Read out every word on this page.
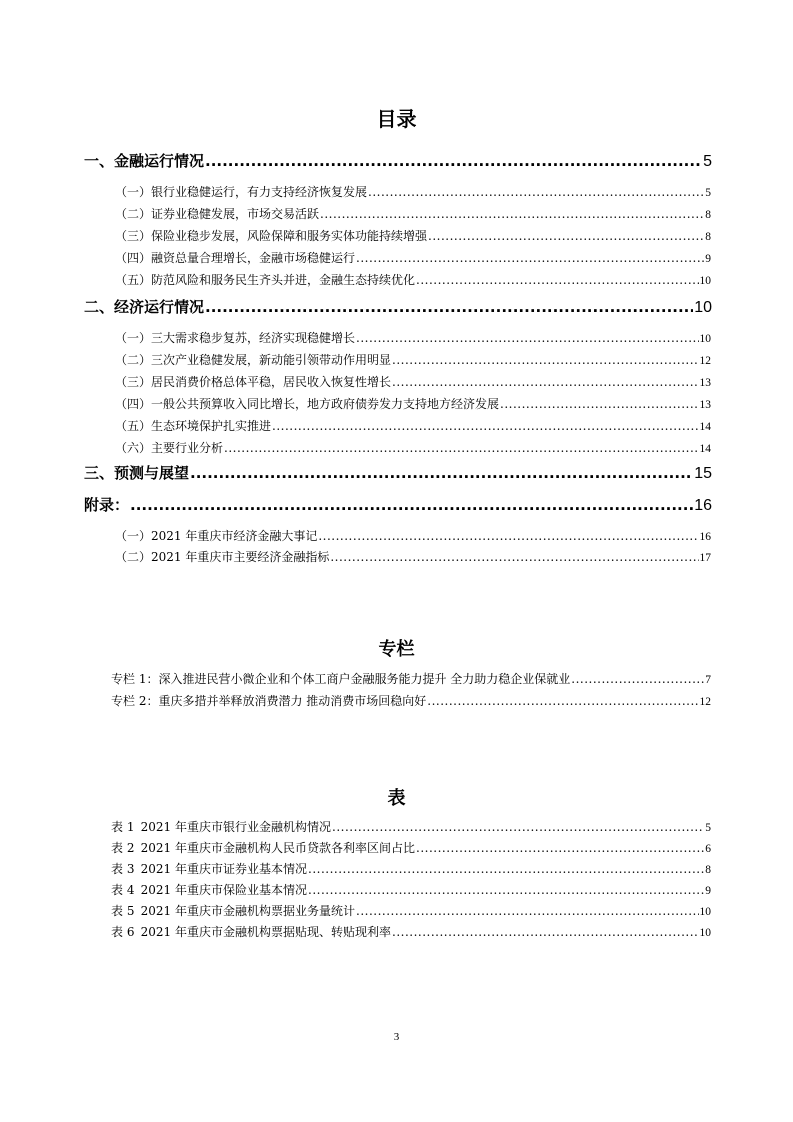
目录
一、金融运行情况 .....	5
（一）银行业稳健运行，有力支持经济恢复发展 .....	5
（二）证券业稳健发展，市场交易活跃 .....	8
（三）保险业稳步发展，风险保障和服务实体功能持续增强 .....	8
（四）融资总量合理增长，金融市场稳健运行 .....	9
（五）防范风险和服务民生齐头并进，金融生态持续优化 .....	10
二、经济运行情况 .....	10
（一）三大需求稳步复苏，经济实现稳健增长 .....	10
（二）三次产业稳健发展，新动能引领带动作用明显 .....	12
（三）居民消费价格总体平稳，居民收入恢复性增长 .....	13
（四）一般公共预算收入同比增长，地方政府债券发力支持地方经济发展 .....	13
（五）生态环境保护扎实推进 .....	14
（六）主要行业分析 .....	14
三、预测与展望 .....	15
附录： .....	16
（一）2021 年重庆市经济金融大事记 .....	16
（二）2021 年重庆市主要经济金融指标 .....	17
专栏
专栏 1：深入推进民营小微企业和个体工商户金融服务能力提升 全力助力稳企业保就业 .....	7
专栏 2：重庆多措并举释放消费潜力 推动消费市场回稳向好 .....	12
表
表 1 2021 年重庆市银行业金融机构情况 .....	5
表 2 2021 年重庆市金融机构人民币贷款各利率区间占比 .....	6
表 3 2021 年重庆市证券业基本情况 .....	8
表 4 2021 年重庆市保险业基本情况 .....	9
表 5 2021 年重庆市金融机构票据业务量统计 .....	10
表 6 2021 年重庆市金融机构票据贴现、转贴现利率 .....	10
3
